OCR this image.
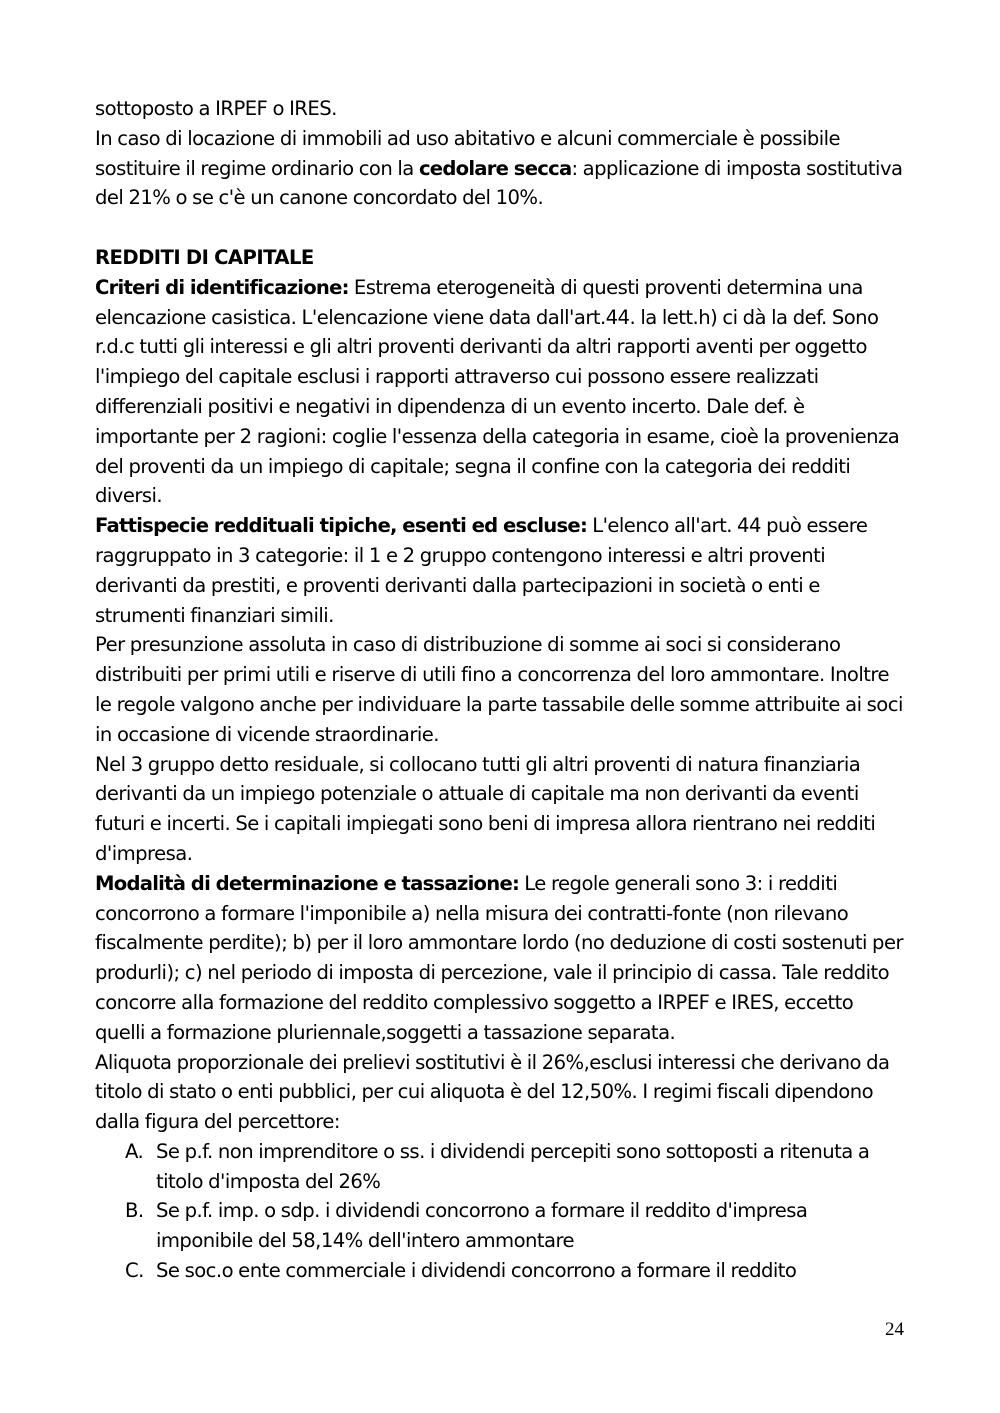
sottoposto a IRPEF o IRES.

In caso di locazione di immobili ad uso abitativo e alcuni commerciale è possibile sostituire il regime ordinario con la cedolare secca: applicazione di imposta sostitutiva del 21% o se c'è un canone concordato del 10%.

REDDITI DI CAPITALE

Criteri di identificazione: Estrema eterogeneità di questi proventi determina una elencazione casistica. L'elencazione viene data dall'art.44. la lett.h) ci dà la def. Sono r.d.c tutti gli interessi e gli altri proventi derivanti da altri rapporti aventi per oggetto l'impiego del capitale esclusi i rapporti attraverso cui possono essere realizzati differenziali positivi e negativi in dipendenza di un evento incerto. Dale def. è importante per 2 ragioni: coglie l'essenza della categoria in esame, cioè la provenienza del proventi da un impiego di capitale; segna il confine con la categoria dei redditi diversi.

Fattispecie reddituali tipiche, esenti ed escluse: L'elenco all'art. 44 può essere raggruppato in 3 categorie: il 1 e 2 gruppo contengono interessi e altri proventi derivanti da prestiti, e proventi derivanti dalla partecipazioni in società o enti e strumenti finanziari simili.

Per presunzione assoluta in caso di distribuzione di somme ai soci si considerano distribuiti per primi utili e riserve di utili fino a concorrenza del loro ammontare. Inoltre le regole valgono anche per individuare la parte tassabile delle somme attribuite ai soci in occasione di vicende straordinarie.

Nel 3 gruppo detto residuale, si collocano tutti gli altri proventi di natura finanziaria derivanti da un impiego potenziale o attuale di capitale ma non derivanti da eventi futuri e incerti. Se i capitali impiegati sono beni di impresa allora rientrano nei redditi d'impresa.

Modalità di determinazione e tassazione: Le regole generali sono 3: i redditi concorrono a formare l'imponibile a) nella misura dei contratti-fonte (non rilevano fiscalmente perdite); b) per il loro ammontare lordo (no deduzione di costi sostenuti per produrli); c) nel periodo di imposta di percezione, vale il principio di cassa. Tale reddito concorre alla formazione del reddito complessivo soggetto a IRPEF e IRES, eccetto quelli a formazione pluriennale,soggetti a tassazione separata.

Aliquota proporzionale dei prelievi sostitutivi è il 26%,esclusi interessi che derivano da titolo di stato o enti pubblici, per cui aliquota è del 12,50%. I regimi fiscali dipendono dalla figura del percettore:

A. Se p.f. non imprenditore o ss. i dividendi percepiti sono sottoposti a ritenuta a titolo d'imposta del 26%
B. Se p.f. imp. o sdp. i dividendi concorrono a formare il reddito d'impresa imponibile del 58,14% dell'intero ammontare
C. Se soc.o ente commerciale i dividendi concorrono a formare il reddito
24
